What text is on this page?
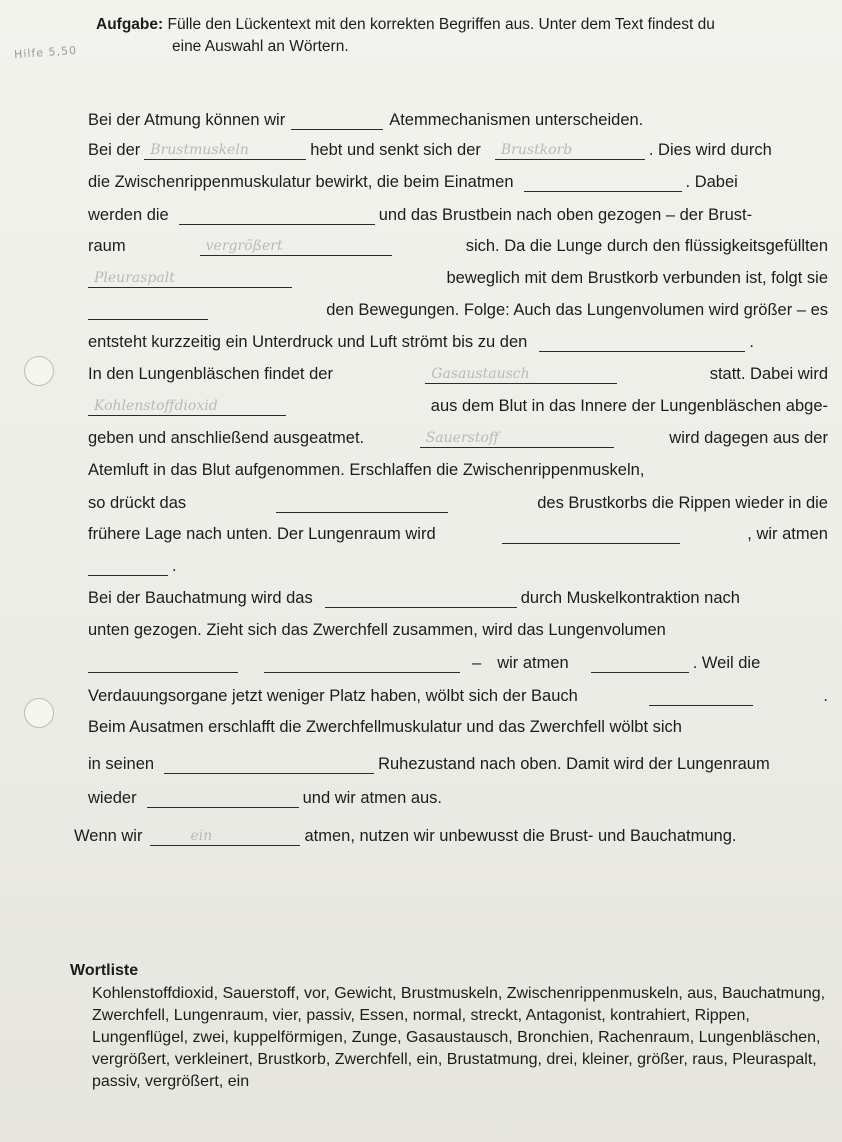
Aufgabe: Fülle den Lückentext mit den korrekten Begriffen aus. Unter dem Text findest du
eine Auswahl an Wörtern.
Hilfe 5,50
Bei der Atmung können wir	Atemmechanismen unterscheiden.
Bei der Brustmuskeln	hebt und senkt sich der Brustkorb	. Dies wird durch
die Zwischenrippenmuskulatur bewirkt, die beim Einatmen	. Dabei
werden die	und das Brustbein nach oben gezogen – der Brust-
raum	vergrößert	sich. Da die Lunge durch den flüssigkeitsgefüllten
Pleuraspalt	beweglich mit dem Brustkorb verbunden ist, folgt sie
den Bewegungen. Folge: Auch das Lungenvolumen wird größer – es
entsteht kurzzeitig ein Unterdruck und Luft strömt bis zu den	.
In den Lungenbläschen findet der	Gasaustausch	statt. Dabei wird
Kohlenstoffdioxid	aus dem Blut in das Innere der Lungenbläschen abge-
geben und anschließend ausgeatmet.	Sauerstoff	wird dagegen aus der
Atemluft in das Blut aufgenommen. Erschlaffen die Zwischenrippenmuskeln,
so drückt das	des Brustkorbs die Rippen wieder in die
frühere Lage nach unten. Der Lungenraum wird	, wir atmen
.
Bei der Bauchatmung wird das	durch Muskelkontraktion nach
unten gezogen. Zieht sich das Zwerchfell zusammen, wird das Lungenvolumen
– wir atmen	. Weil die
Verdauungsorgane jetzt weniger Platz haben, wölbt sich der Bauch	.
Beim Ausatmen erschlafft die Zwerchfellmuskulatur und das Zwerchfell wölbt sich
in seinen	Ruhezustand nach oben. Damit wird der Lungenraum
wieder	und wir atmen aus.
Wenn wir	ein	atmen, nutzen wir unbewusst die Brust- und Bauchatmung.
Wortliste
Kohlenstoffdioxid, Sauerstoff, vor, Gewicht, Brustmuskeln, Zwischenrippenmuskeln, aus, Bauchatmung, Zwerchfell, Lungenraum, vier, passiv, Essen, normal, streckt, Antagonist, kontrahiert, Rippen, Lungenflügel, zwei, kuppelförmigen, Zunge, Gasaustausch, Bronchien, Rachenraum, Lungenbläschen, vergrößert, verkleinert, Brustkorb, Zwerchfell, ein, Brustatmung, drei, kleiner, größer, raus, Pleuraspalt, passiv, vergrößert, ein
